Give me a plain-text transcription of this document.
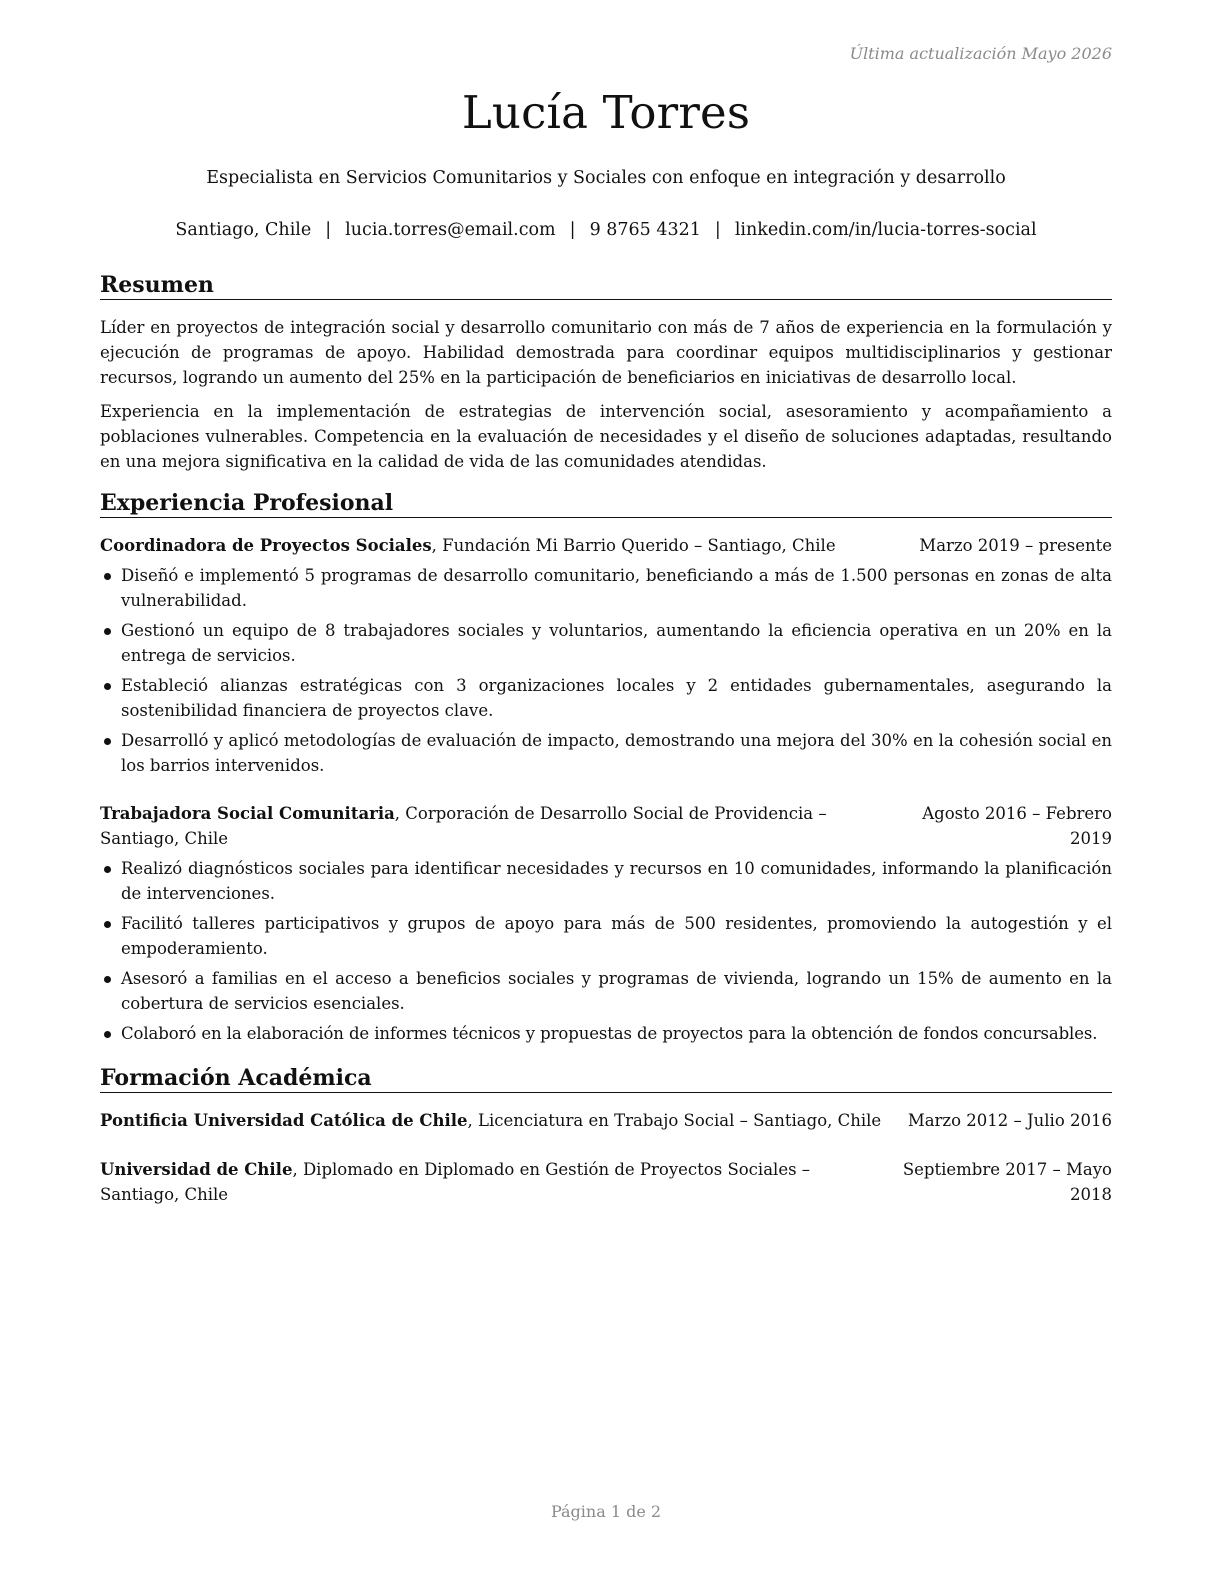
Última actualización Mayo 2026
Lucía Torres
Especialista en Servicios Comunitarios y Sociales con enfoque en integración y desarrollo
Santiago, Chile | lucia.torres@email.com | 9 8765 4321 | linkedin.com/in/lucia-torres-social
Resumen

Líder en proyectos de integración social y desarrollo comunitario con más de 7 años de experiencia en la formulación y ejecución de programas de apoyo. Habilidad demostrada para coordinar equipos multidisciplinarios y gestionar recursos, logrando un aumento del 25% en la participación de beneficiarios en iniciativas de desarrollo local.

Experiencia en la implementación de estrategias de intervención social, asesoramiento y acompañamiento a poblaciones vulnerables. Competencia en la evaluación de necesidades y el diseño de soluciones adaptadas, resultando en una mejora significativa en la calidad de vida de las comunidades atendidas.

Experiencia Profesional
Coordinadora de Proyectos Sociales, Fundación Mi Barrio Querido – Santiago, Chile	Marzo 2019 – presente
Diseñó e implementó 5 programas de desarrollo comunitario, beneficiando a más de 1.500 personas en zonas de alta vulnerabilidad.
Gestionó un equipo de 8 trabajadores sociales y voluntarios, aumentando la eficiencia operativa en un 20% en la entrega de servicios.
Estableció alianzas estratégicas con 3 organizaciones locales y 2 entidades gubernamentales, asegurando la sostenibilidad financiera de proyectos clave.
Desarrolló y aplicó metodologías de evaluación de impacto, demostrando una mejora del 30% en la cohesión social en los barrios intervenidos.
Trabajadora Social Comunitaria, Corporación de Desarrollo Social de Providencia –	Agosto 2016 – Febrero
Santiago, Chile	2019
Realizó diagnósticos sociales para identificar necesidades y recursos en 10 comunidades, informando la planificación de intervenciones.
Facilitó talleres participativos y grupos de apoyo para más de 500 residentes, promoviendo la autogestión y el empoderamiento.
Asesoró a familias en el acceso a beneficios sociales y programas de vivienda, logrando un 15% de aumento en la cobertura de servicios esenciales.
Colaboró en la elaboración de informes técnicos y propuestas de proyectos para la obtención de fondos concursables.
Formación Académica
Pontificia Universidad Católica de Chile, Licenciatura en Trabajo Social – Santiago, Chile Marzo 2012 – Julio 2016
Universidad de Chile, Diplomado en Diplomado en Gestión de Proyectos Sociales –	Septiembre 2017 – Mayo
Santiago, Chile	2018
Página 1 de 2
